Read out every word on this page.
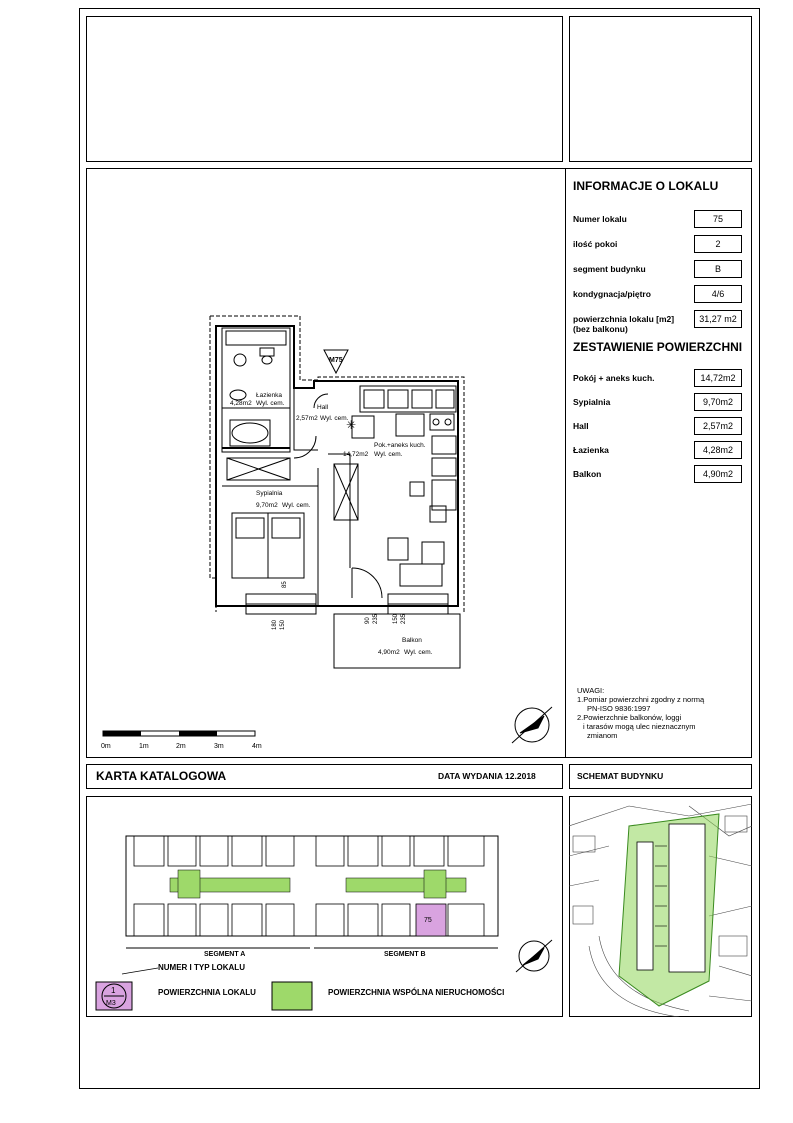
INFORMACJE O LOKALU
Numer lokalu	75
ilość pokoi	2
segment budynku	B
kondygnacja/piętro	4/6
powierzchnia lokalu [m2]
(bez balkonu)
31,27 m2
ZESTAWIENIE POWIERZCHNI
Pokój + aneks kuch.	14,72m2
Sypialnia	9,70m2
Hall	2,57m2
Łazienka	4,28m2
Balkon	4,90m2
UWAGI:
1.Pomiar powierzchni zgodny z normą
PN-ISO 9836:1997
2.Powierzchnie balkonów, loggi
i tarasów mogą ulec nieznacznym
zmianom
Łazienka
4,28m2 Wyl. cem.
Hall
2,57m2 Wyl. cem.
Pok.+aneks kuch.
14,72m2 Wyl. cem.
Sypialnia
9,70m2 Wyl. cem.
Balkon
4,90m2 Wyl. cem.
M75
180 150	90 235 150 235
85
✳
0m	1m	2m	3m	4m
KARTA KATALOGOWA	DATA WYDANIA 12.2018	SCHEMAT BUDYNKU
75
SEGMENT A	SEGMENT B
1
M3
NUMER I TYP LOKALU
POWIERZCHNIA LOKALU	POWIERZCHNIA WSPÓLNA NIERUCHOMOŚCI
